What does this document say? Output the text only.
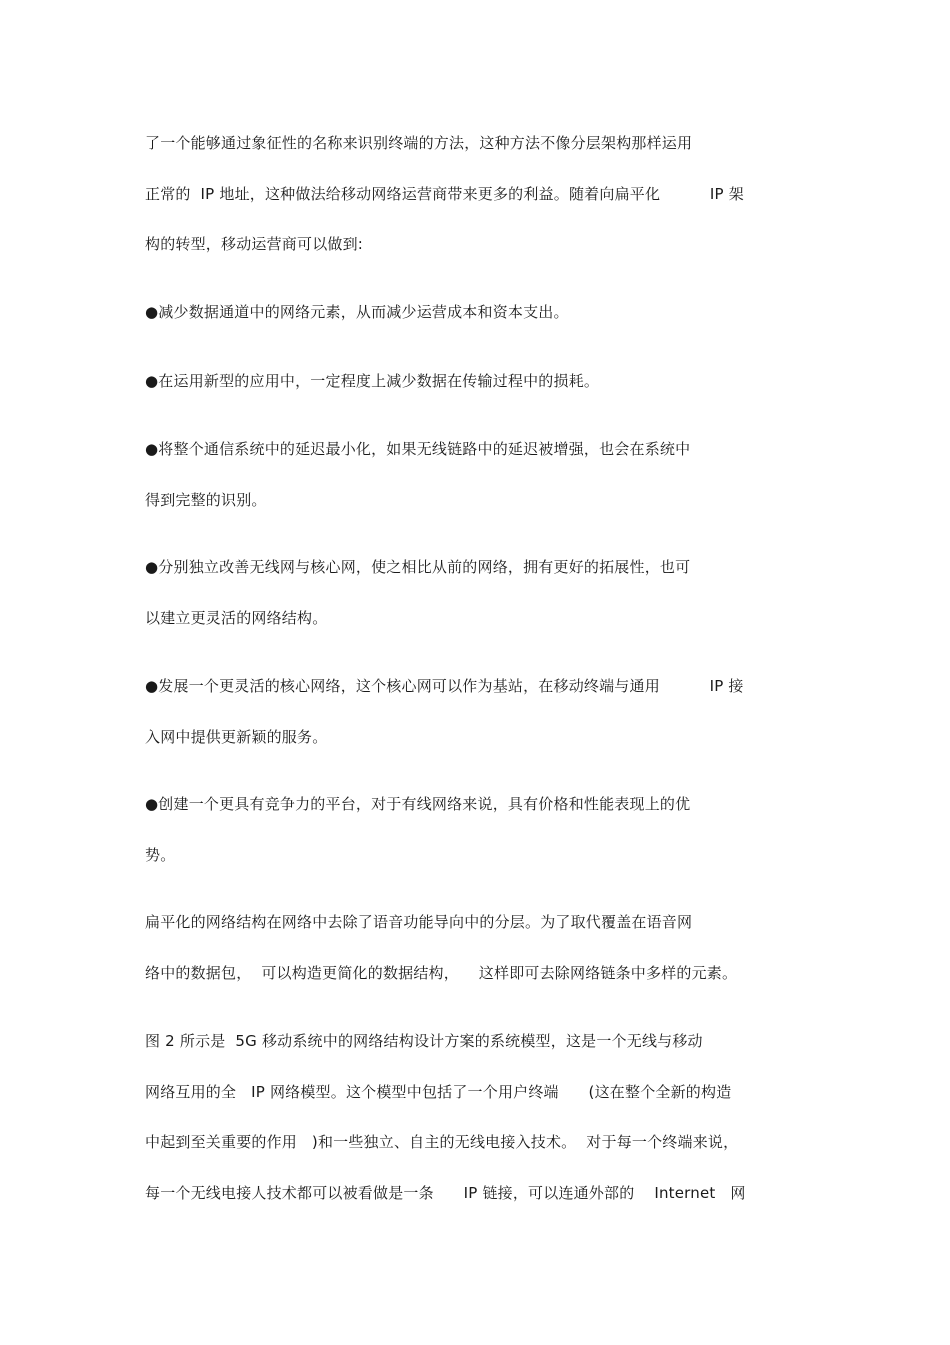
了一个能够通过象征性的名称来识别终端的方法，这种方法不像分层架构那样运用
正常的  IP 地址，这种做法给移动网络运营商带来更多的利益。随着向扁平化          IP 架
构的转型，移动运营商可以做到:
●减少数据通道中的网络元素，从而减少运营成本和资本支出。
●在运用新型的应用中，一定程度上减少数据在传输过程中的损耗。
●将整个通信系统中的延迟最小化，如果无线链路中的延迟被增强，也会在系统中
得到完整的识别。
●分别独立改善无线网与核心网，使之相比从前的网络，拥有更好的拓展性，也可
以建立更灵活的网络结构。
●发展一个更灵活的核心网络，这个核心网可以作为基站，在移动终端与通用          IP 接
入网中提供更新颖的服务。
●创建一个更具有竞争力的平台，对于有线网络来说，具有价格和性能表现上的优
势。
扁平化的网络结构在网络中去除了语音功能导向中的分层。为了取代覆盖在语音网
络中的数据包，  可以构造更简化的数据结构，    这样即可去除网络链条中多样的元素。
图 2 所示是  5G 移动系统中的网络结构设计方案的系统模型，这是一个无线与移动
网络互用的全   IP 网络模型。这个模型中包括了一个用户终端      (这在整个全新的构造
中起到至关重要的作用   )和一些独立、自主的无线电接入技术。  对于每一个终端来说，
每一个无线电接人技术都可以被看做是一条      IP 链接，可以连通外部的    Internet   网
